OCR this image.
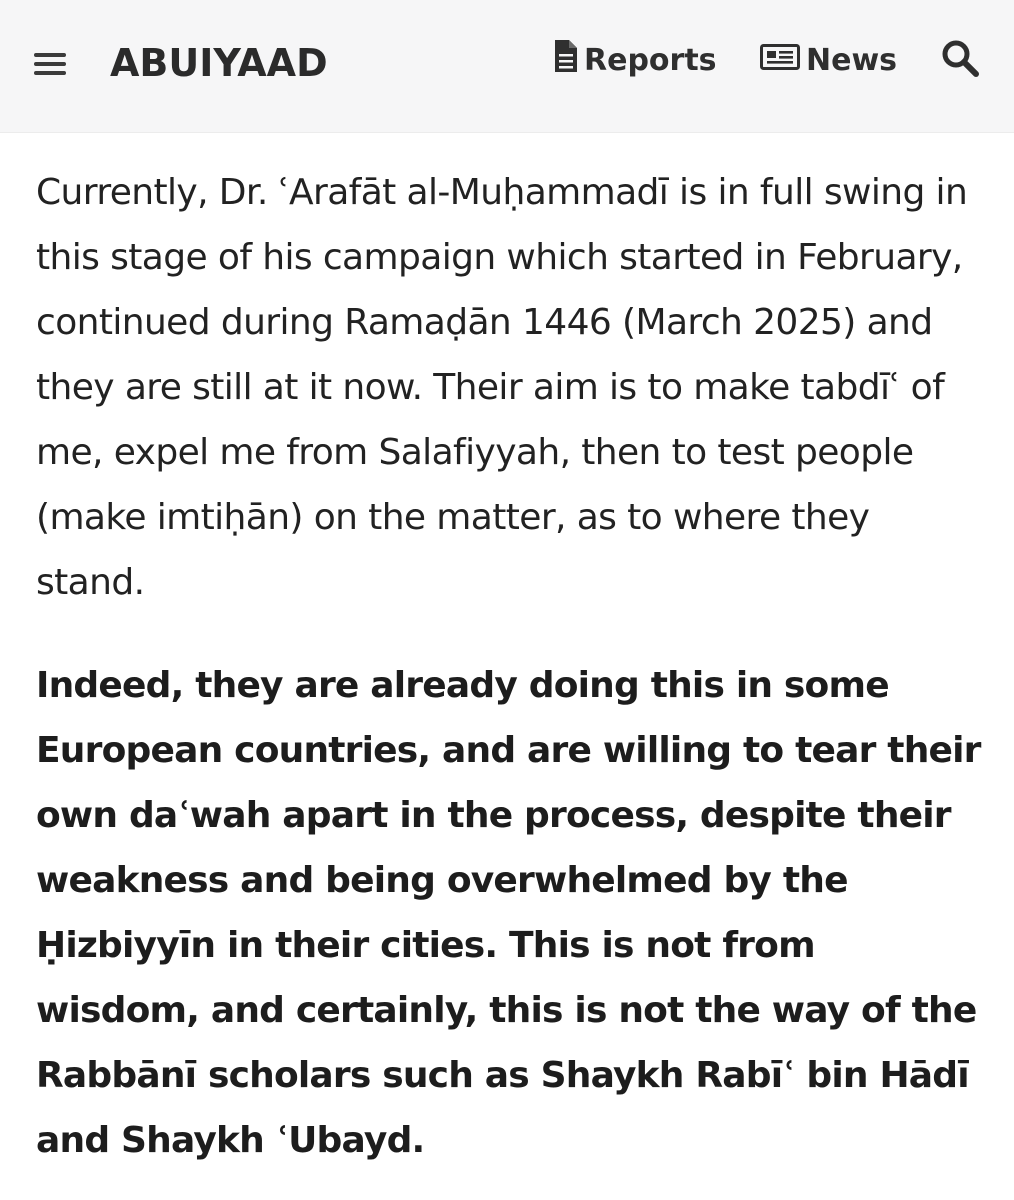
ABUIYAAD	Reports	News

Currently, Dr. ʿArafāt al-Muḥammadī is in full swing in this stage of his campaign which started in February, continued during Ramaḍān 1446 (March 2025) and they are still at it now. Their aim is to make tabdīʿ of me, expel me from Salafiyyah, then to test people (make imtiḥān) on the matter, as to where they stand.

Indeed, they are already doing this in some European countries, and are willing to tear their own daʿwah apart in the process, despite their weakness and being overwhelmed by the Ḥizbiyyīn in their cities. This is not from wisdom, and certainly, this is not the way of the Rabbānī scholars such as Shaykh Rabīʿ bin Hādī and Shaykh ʿUbayd.
